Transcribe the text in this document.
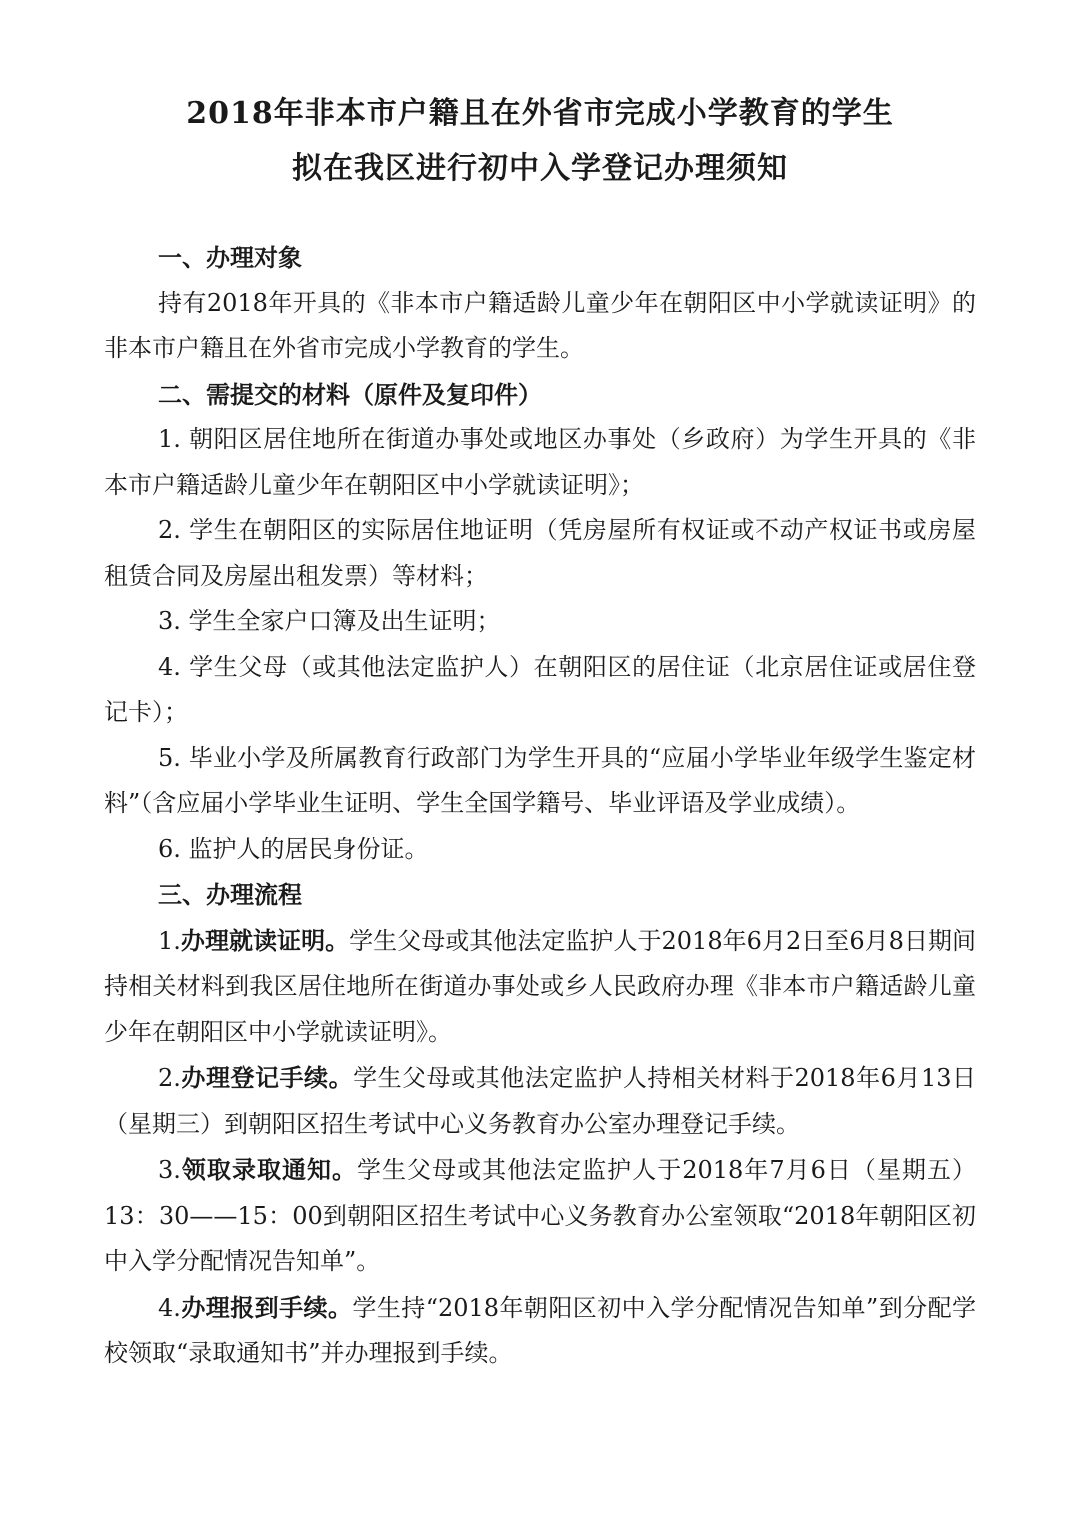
2018年非本市户籍且在外省市完成小学教育的学生
拟在我区进行初中入学登记办理须知

一、办理对象

持有2018年开具的《非本市户籍适龄儿童少年在朝阳区中小学就读证明》的非本市户籍且在外省市完成小学教育的学生。

二、需提交的材料（原件及复印件）

1. 朝阳区居住地所在街道办事处或地区办事处（乡政府）为学生开具的《非本市户籍适龄儿童少年在朝阳区中小学就读证明》；

2. 学生在朝阳区的实际居住地证明（凭房屋所有权证或不动产权证书或房屋租赁合同及房屋出租发票）等材料；

3. 学生全家户口簿及出生证明；

4. 学生父母（或其他法定监护人）在朝阳区的居住证（北京居住证或居住登记卡）；

5. 毕业小学及所属教育行政部门为学生开具的“应届小学毕业年级学生鉴定材料”（含应届小学毕业生证明、学生全国学籍号、毕业评语及学业成绩）。

6. 监护人的居民身份证。

三、办理流程

1.办理就读证明。学生父母或其他法定监护人于2018年6月2日至6月8日期间持相关材料到我区居住地所在街道办事处或乡人民政府办理《非本市户籍适龄儿童少年在朝阳区中小学就读证明》。

2.办理登记手续。学生父母或其他法定监护人持相关材料于2018年6月13日（星期三）到朝阳区招生考试中心义务教育办公室办理登记手续。

3.领取录取通知。学生父母或其他法定监护人于2018年7月6日（星期五）13：30——15：00到朝阳区招生考试中心义务教育办公室领取“2018年朝阳区初中入学分配情况告知单”。

4.办理报到手续。学生持“2018年朝阳区初中入学分配情况告知单”到分配学校领取“录取通知书”并办理报到手续。
